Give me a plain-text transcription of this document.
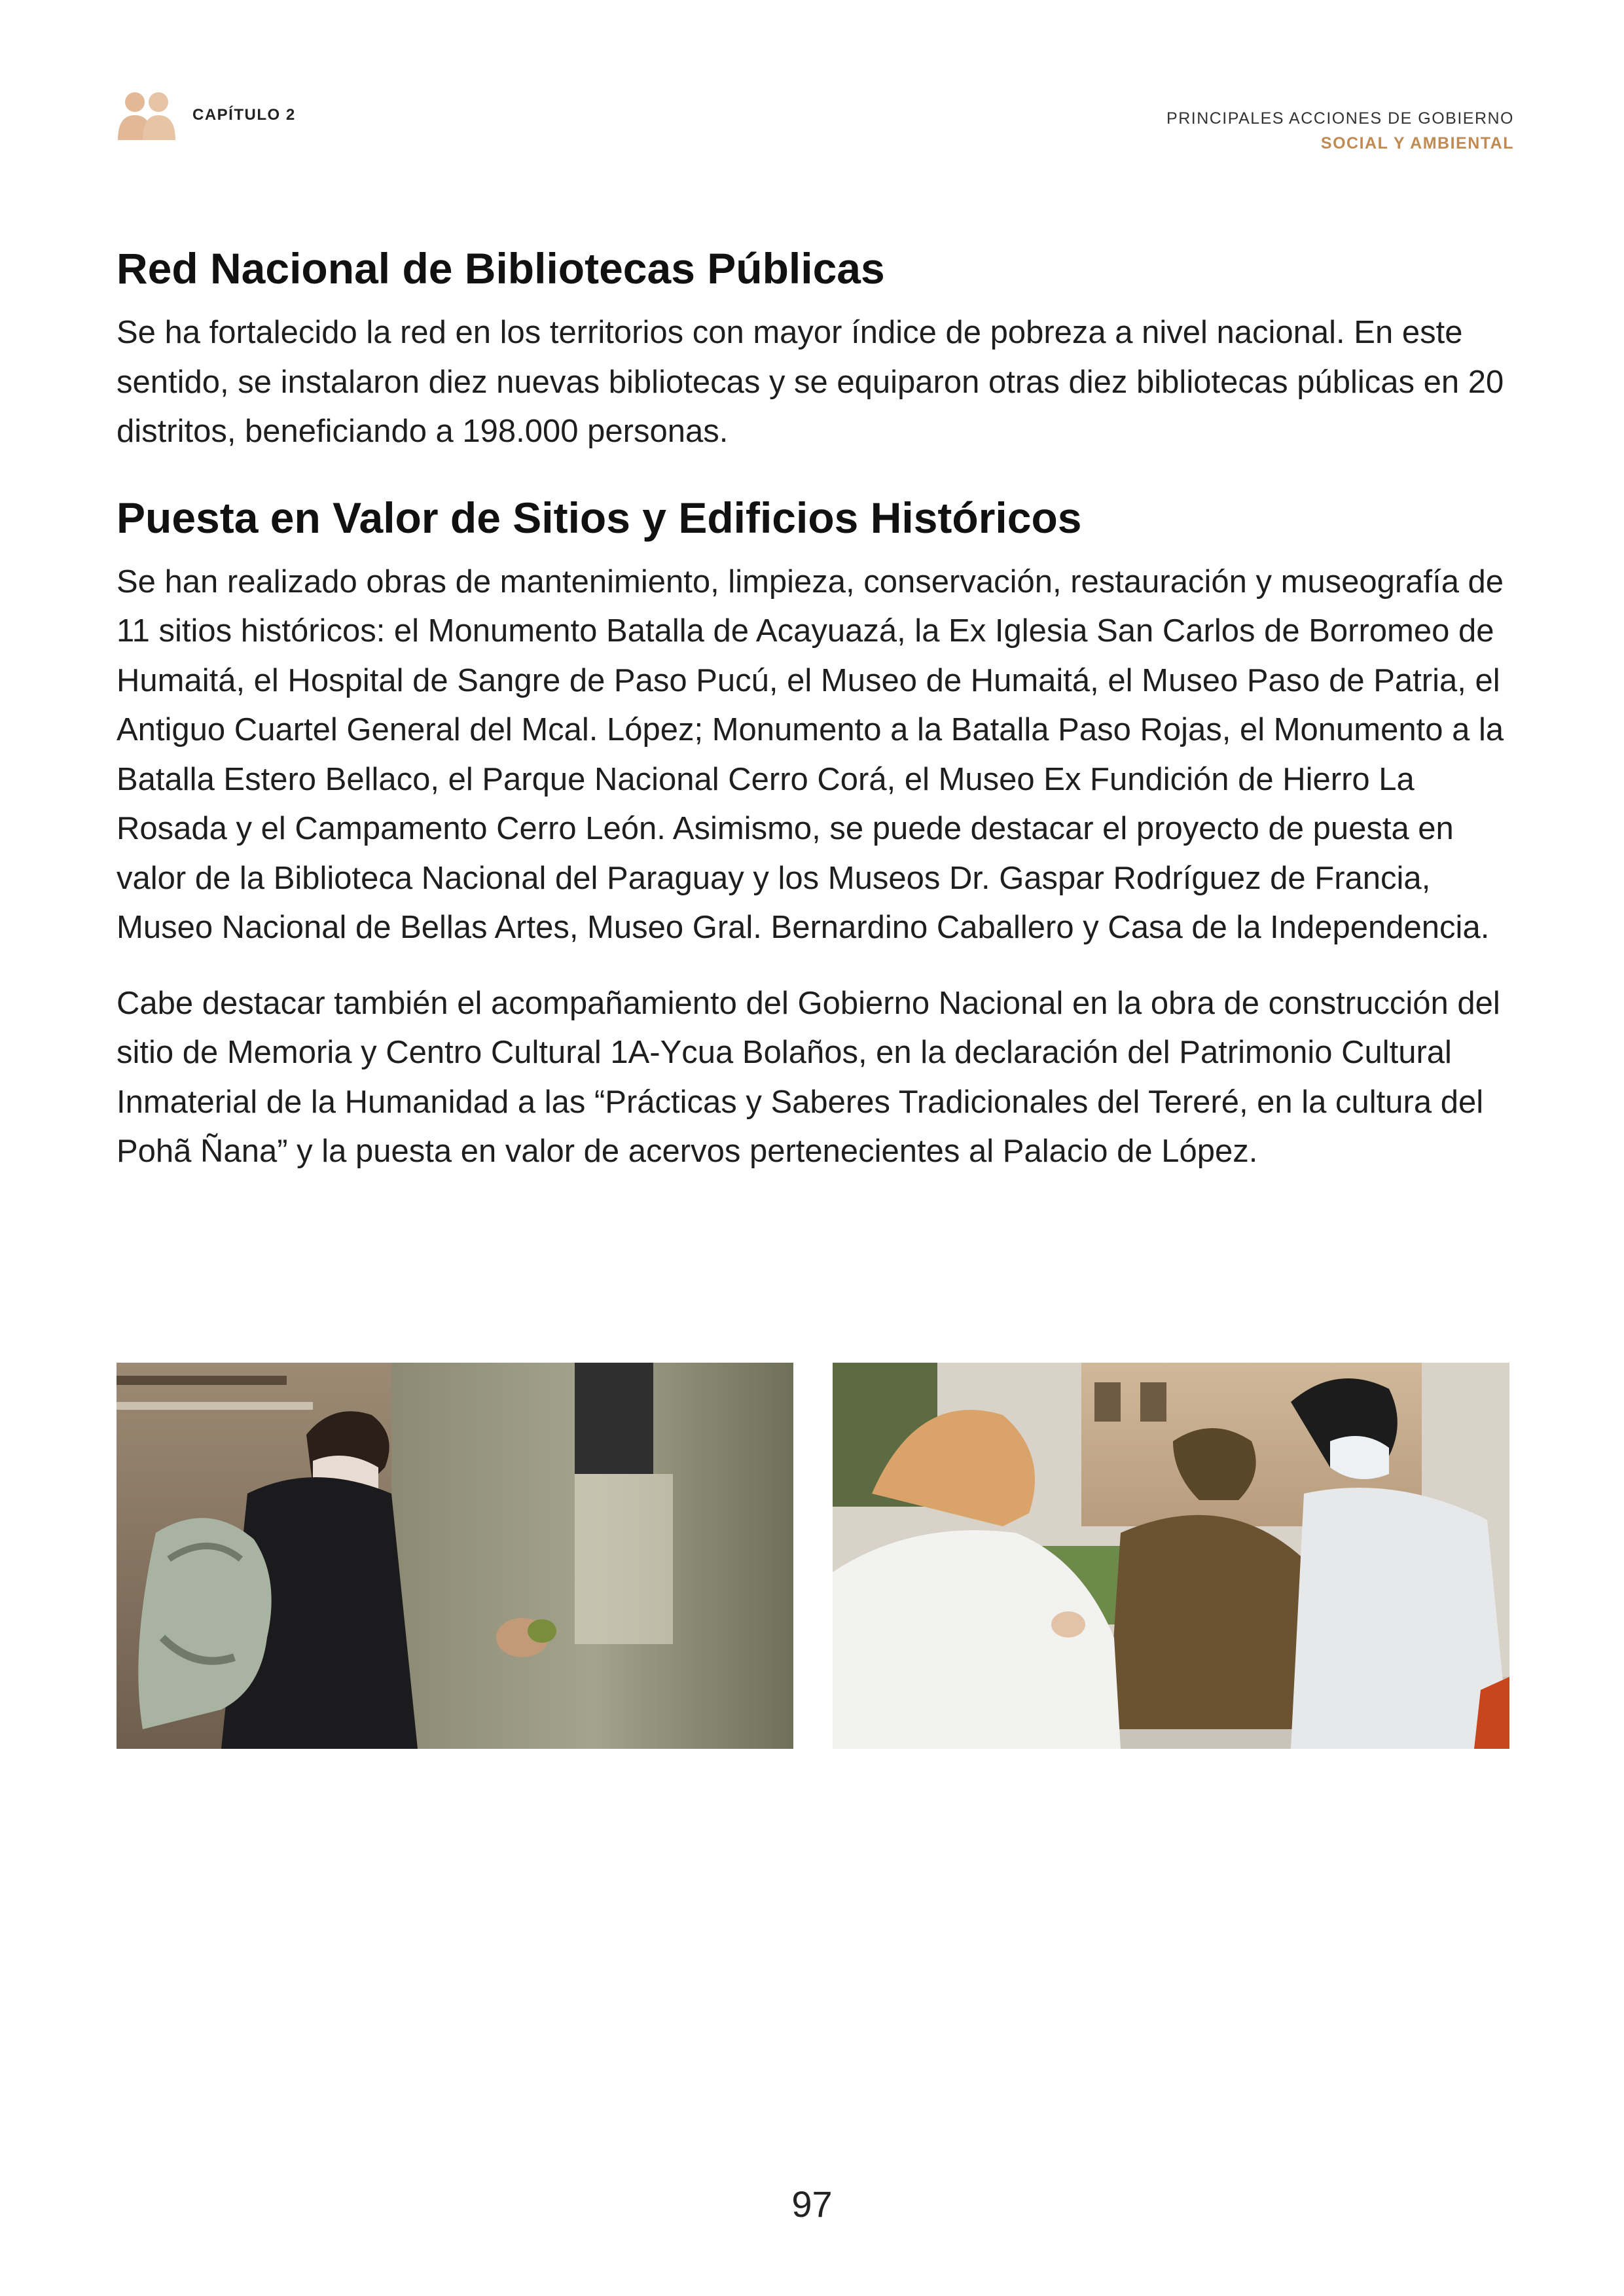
CAPÍTULO 2	PRINCIPALES ACCIONES DE GOBIERNO
SOCIAL Y AMBIENTAL
Red Nacional de Bibliotecas Públicas

Se ha fortalecido la red en los territorios con mayor índice de pobreza a nivel nacional. En este sentido, se instalaron diez nuevas bibliotecas y se equiparon otras diez bibliotecas públicas en 20 distritos, beneficiando a 198.000 personas.

Puesta en Valor de Sitios y Edificios Históricos

Se han realizado obras de mantenimiento, limpieza, conservación, restauración y museografía de 11 sitios históricos: el Monumento Batalla de Acayuazá, la Ex Iglesia San Carlos de Borromeo de Humaitá, el Hospital de Sangre de Paso Pucú, el Museo de Humaitá, el Museo Paso de Patria, el Antiguo Cuartel General del Mcal. López; Monumento a la Batalla Paso Rojas, el Monumento a la Batalla Estero Bellaco, el Parque Nacional Cerro Corá, el Museo Ex Fundición de Hierro La Rosada y el Campamento Cerro León. Asimismo, se puede destacar el proyecto de puesta en valor de la Biblioteca Nacional del Paraguay y los Museos Dr. Gaspar Rodríguez de Francia, Museo Nacional de Bellas Artes, Museo Gral. Bernardino Caballero y Casa de la Independencia.

Cabe destacar también el acompañamiento del Gobierno Nacional en la obra de construcción del sitio de Memoria y Centro Cultural 1A-Ycua Bolaños, en la declaración del Patrimonio Cultural Inmaterial de la Humanidad a las “Prácticas y Saberes Tradicionales del Tereré, en la cultura del Pohã Ñana” y la puesta en valor de acervos pertenecientes al Palacio de López.

97
